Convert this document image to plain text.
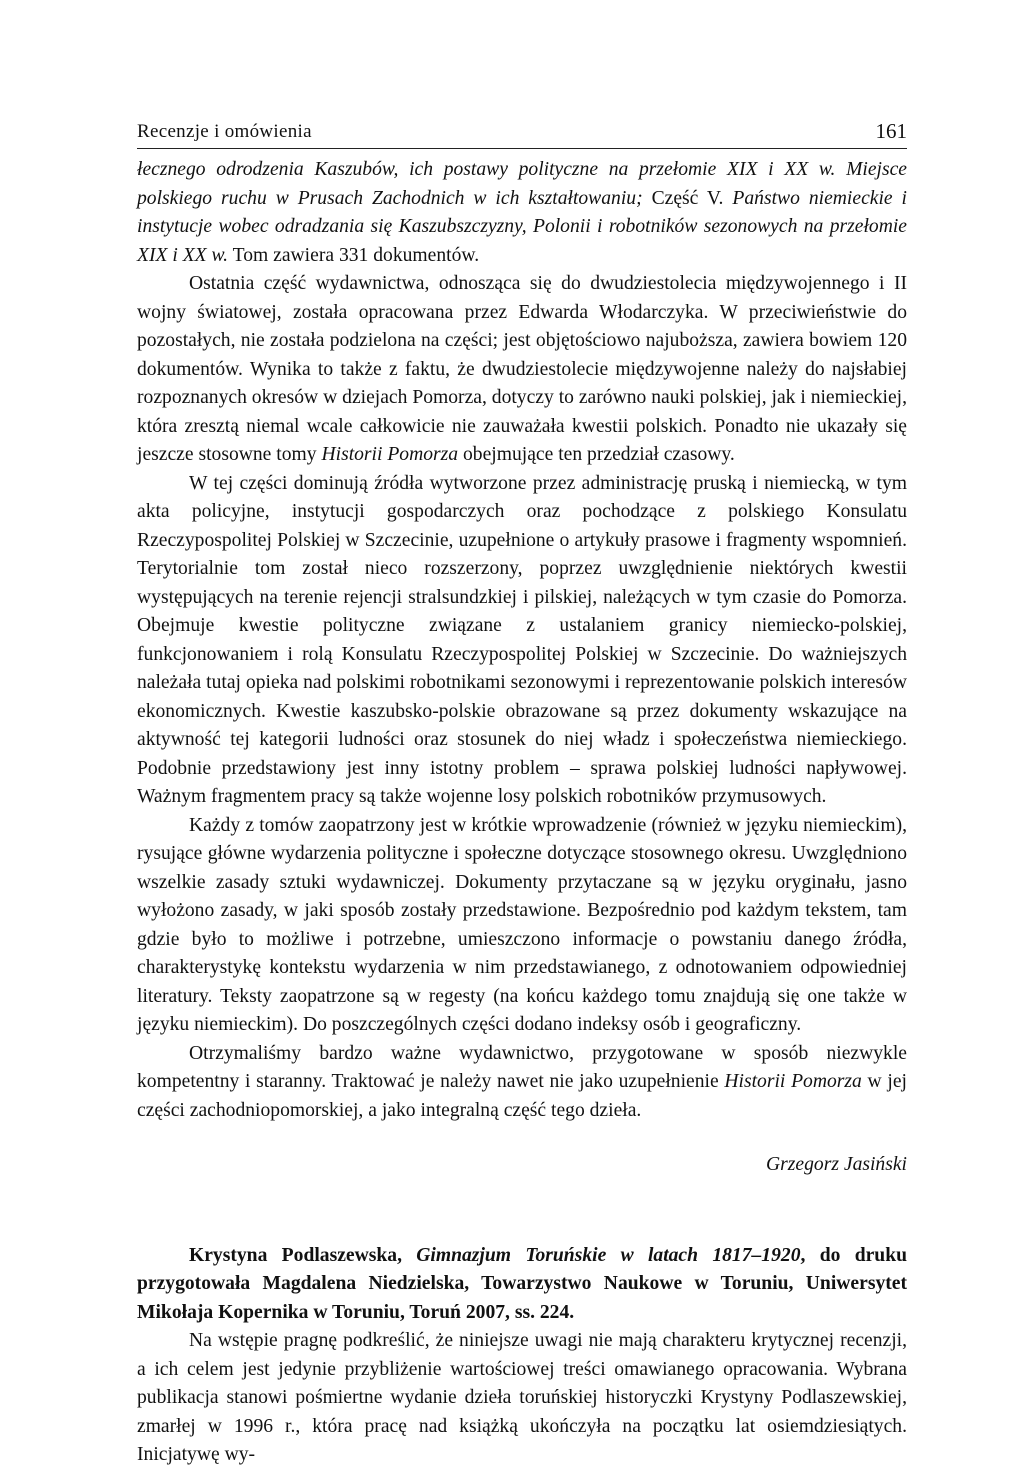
Recenzje i omówienia	161

łecznego odrodzenia Kaszubów, ich postawy polityczne na przełomie XIX i XX w. Miejsce polskiego ruchu w Prusach Zachodnich w ich kształtowaniu; Część V. Państwo niemieckie i instytucje wobec odradzania się Kaszubszczyzny, Polonii i robotników sezonowych na przełomie XIX i XX w. Tom zawiera 331 dokumentów.

Ostatnia część wydawnictwa, odnosząca się do dwudziestolecia międzywojennego i II wojny światowej, została opracowana przez Edwarda Włodarczyka. W przeciwieństwie do pozostałych, nie została podzielona na części; jest objętościowo najuboższa, zawiera bowiem 120 dokumentów. Wynika to także z faktu, że dwudziestolecie międzywojenne należy do najsłabiej rozpoznanych okresów w dziejach Pomorza, dotyczy to zarówno nauki polskiej, jak i niemieckiej, która zresztą niemal wcale całkowicie nie zauważała kwestii polskich. Ponadto nie ukazały się jeszcze stosowne tomy Historii Pomorza obejmujące ten przedział czasowy.

W tej części dominują źródła wytworzone przez administrację pruską i niemiecką, w tym akta policyjne, instytucji gospodarczych oraz pochodzące z polskiego Konsulatu Rzeczypospolitej Polskiej w Szczecinie, uzupełnione o artykuły prasowe i fragmenty wspomnień. Terytorialnie tom został nieco rozszerzony, poprzez uwzględnienie niektórych kwestii występujących na terenie rejencji stralsundzkiej i pilskiej, należących w tym czasie do Pomorza. Obejmuje kwestie polityczne związane z ustalaniem granicy niemiecko-polskiej, funkcjonowaniem i rolą Konsulatu Rzeczypospolitej Polskiej w Szczecinie. Do ważniejszych należała tutaj opieka nad polskimi robotnikami sezonowymi i reprezentowanie polskich interesów ekonomicznych. Kwestie kaszubsko-polskie obrazowane są przez dokumenty wskazujące na aktywność tej kategorii ludności oraz stosunek do niej władz i społeczeństwa niemieckiego. Podobnie przedstawiony jest inny istotny problem – sprawa polskiej ludności napływowej. Ważnym fragmentem pracy są także wojenne losy polskich robotników przymusowych.

Każdy z tomów zaopatrzony jest w krótkie wprowadzenie (również w języku niemieckim), rysujące główne wydarzenia polityczne i społeczne dotyczące stosownego okresu. Uwzględniono wszelkie zasady sztuki wydawniczej. Dokumenty przytaczane są w języku oryginału, jasno wyłożono zasady, w jaki sposób zostały przedstawione. Bezpośrednio pod każdym tekstem, tam gdzie było to możliwe i potrzebne, umieszczono informacje o powstaniu danego źródła, charakterystykę kontekstu wydarzenia w nim przedstawianego, z odnotowaniem odpowiedniej literatury. Teksty zaopatrzone są w regesty (na końcu każdego tomu znajdują się one także w języku niemieckim). Do poszczególnych części dodano indeksy osób i geograficzny.

Otrzymaliśmy bardzo ważne wydawnictwo, przygotowane w sposób niezwykle kompetentny i staranny. Traktować je należy nawet nie jako uzupełnienie Historii Pomorza w jej części zachodniopomorskiej, a jako integralną część tego dzieła.

Grzegorz Jasiński
Krystyna Podlaszewska, Gimnazjum Toruńskie w latach 1817–1920, do druku przygotowała Magdalena Niedzielska, Towarzystwo Naukowe w Toruniu, Uniwersytet Mikołaja Kopernika w Toruniu, Toruń 2007, ss. 224.

Na wstępie pragnę podkreślić, że niniejsze uwagi nie mają charakteru krytycznej recenzji, a ich celem jest jedynie przybliżenie wartościowej treści omawianego opracowania. Wybrana publikacja stanowi pośmiertne wydanie dzieła toruńskiej historyczki Krystyny Podlaszewskiej, zmarłej w 1996 r., która pracę nad książką ukończyła na początku lat osiemdziesiątych. Inicjatywę wy-
